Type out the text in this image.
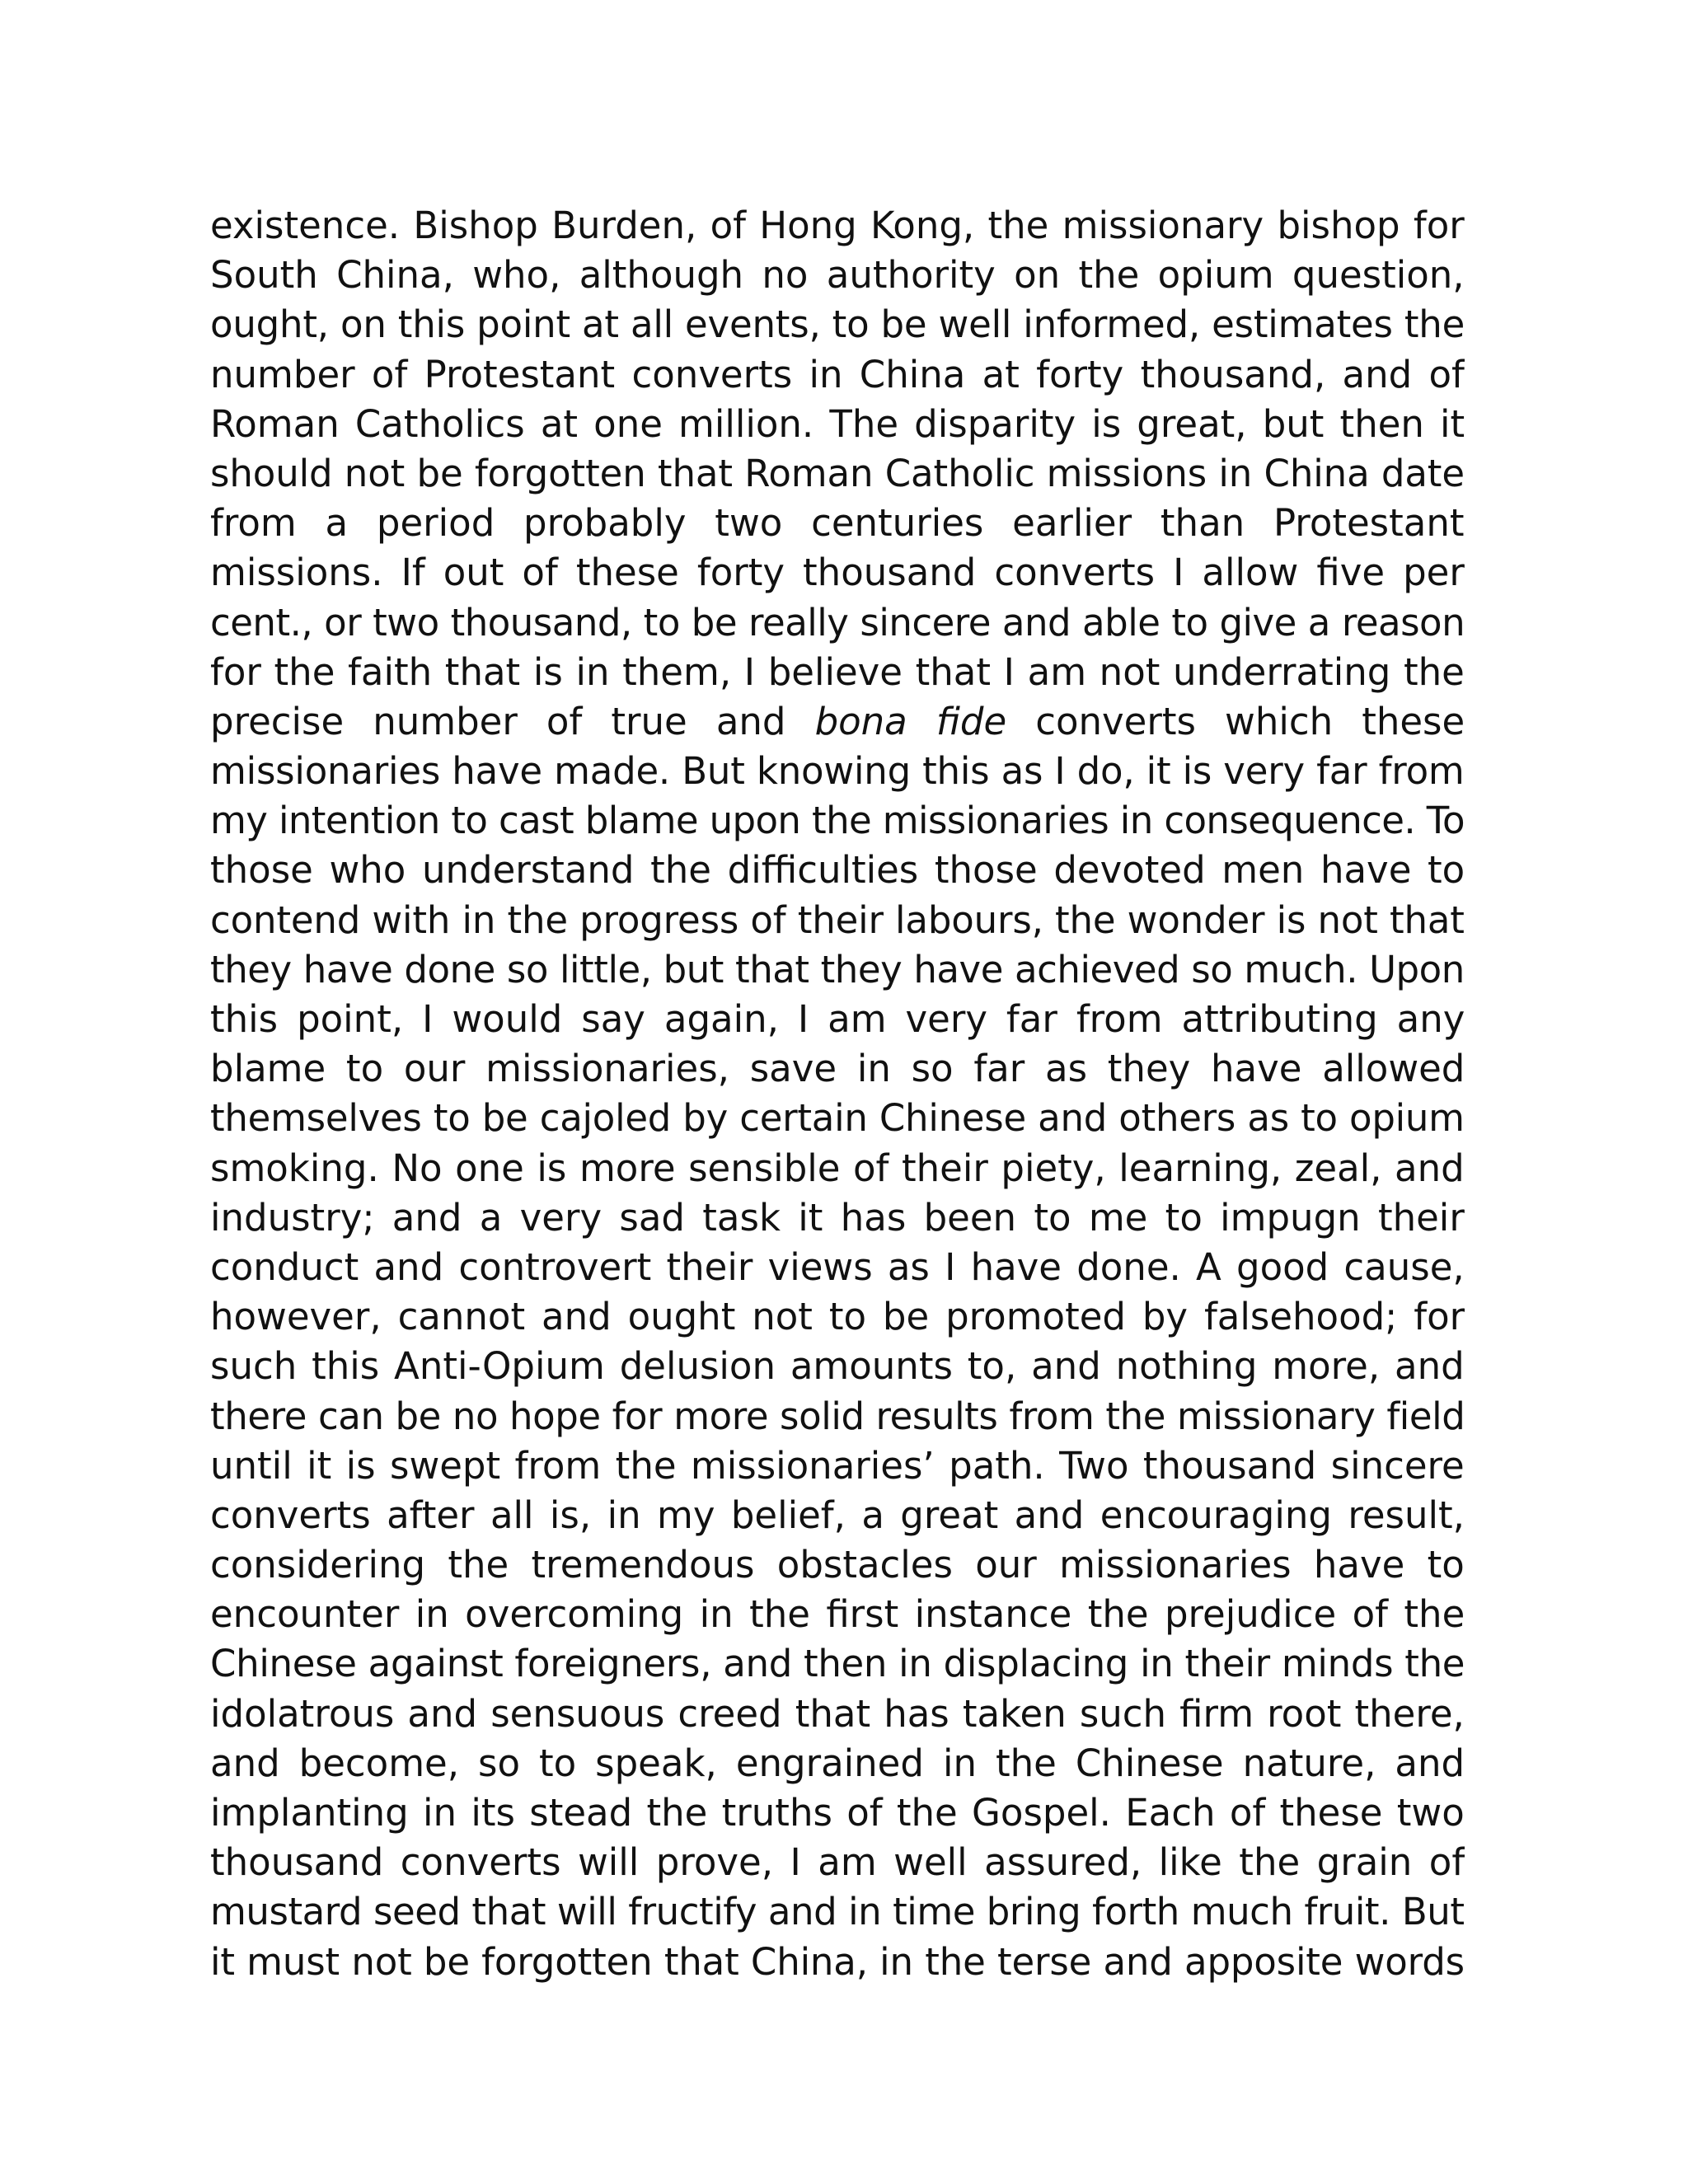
existence. Bishop Burden, of Hong Kong, the missionary bishop for
South China, who, although no authority on the opium question,
ought, on this point at all events, to be well informed, estimates the
number of Protestant converts in China at forty thousand, and of
Roman Catholics at one million. The disparity is great, but then it
should not be forgotten that Roman Catholic missions in China date
from a period probably two centuries earlier than Protestant
missions. If out of these forty thousand converts I allow five per
cent., or two thousand, to be really sincere and able to give a reason
for the faith that is in them, I believe that I am not underrating the
precise number of true and bona fide converts which these
missionaries have made. But knowing this as I do, it is very far from
my intention to cast blame upon the missionaries in consequence. To
those who understand the difficulties those devoted men have to
contend with in the progress of their labours, the wonder is not that
they have done so little, but that they have achieved so much. Upon
this point, I would say again, I am very far from attributing any
blame to our missionaries, save in so far as they have allowed
themselves to be cajoled by certain Chinese and others as to opium
smoking. No one is more sensible of their piety, learning, zeal, and
industry; and a very sad task it has been to me to impugn their
conduct and controvert their views as I have done. A good cause,
however, cannot and ought not to be promoted by falsehood; for
such this Anti-Opium delusion amounts to, and nothing more, and
there can be no hope for more solid results from the missionary field
until it is swept from the missionaries’ path. Two thousand sincere
converts after all is, in my belief, a great and encouraging result,
considering the tremendous obstacles our missionaries have to
encounter in overcoming in the first instance the prejudice of the
Chinese against foreigners, and then in displacing in their minds the
idolatrous and sensuous creed that has taken such firm root there,
and become, so to speak, engrained in the Chinese nature, and
implanting in its stead the truths of the Gospel. Each of these two
thousand converts will prove, I am well assured, like the grain of
mustard seed that will fructify and in time bring forth much fruit. But
it must not be forgotten that China, in the terse and apposite words
